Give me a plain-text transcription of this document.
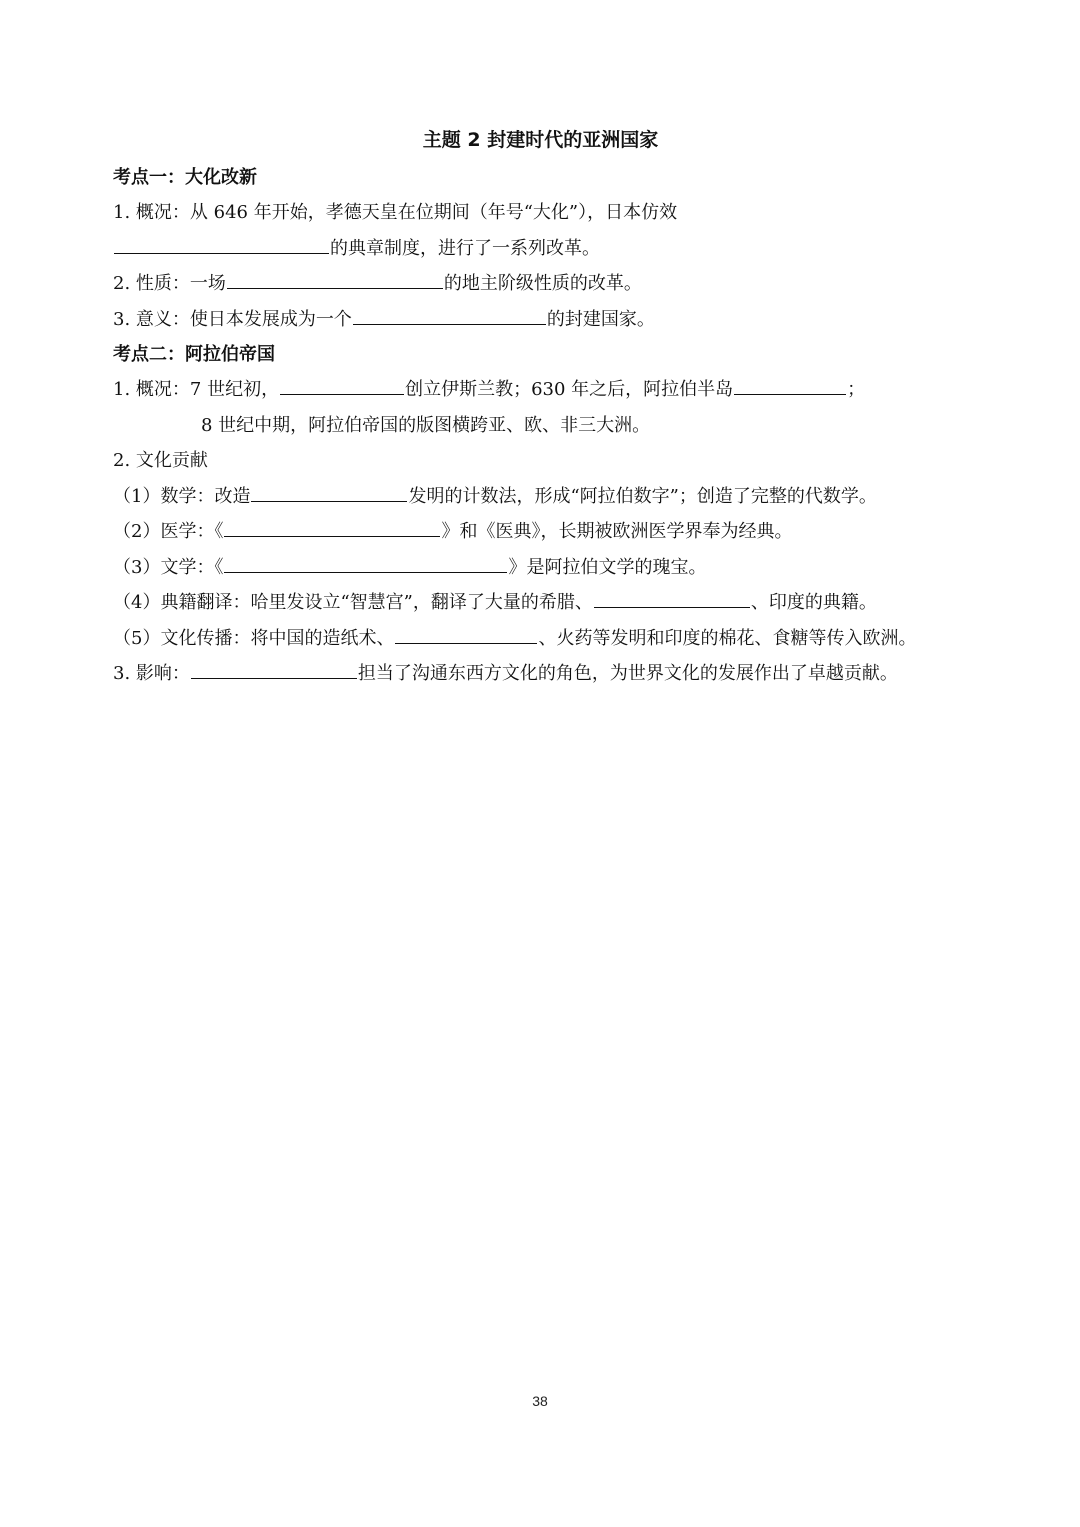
主题 2 封建时代的亚洲国家
考点一：大化改新
1. 概况：从 646 年开始，孝德天皇在位期间（年号“大化”），日本仿效
的典章制度，进行了一系列改革。
2. 性质：一场	的地主阶级性质的改革。
3. 意义：使日本发展成为一个	的封建国家。
考点二：阿拉伯帝国
1. 概况：7 世纪初，	创立伊斯兰教；630 年之后，阿拉伯半岛	；
8 世纪中期，阿拉伯帝国的版图横跨亚、欧、非三大洲。
2. 文化贡献
（1）数学：改造	发明的计数法，形成“阿拉伯数字”；创造了完整的代数学。
（2）医学：《	》和《医典》，长期被欧洲医学界奉为经典。
（3）文学：《	》是阿拉伯文学的瑰宝。
（4）典籍翻译：哈里发设立“智慧宫”，翻译了大量的希腊、	、印度的典籍。
（5）文化传播：将中国的造纸术、	、火药等发明和印度的棉花、食糖等传入欧洲。
3. 影响：	担当了沟通东西方文化的角色，为世界文化的发展作出了卓越贡献。
38
